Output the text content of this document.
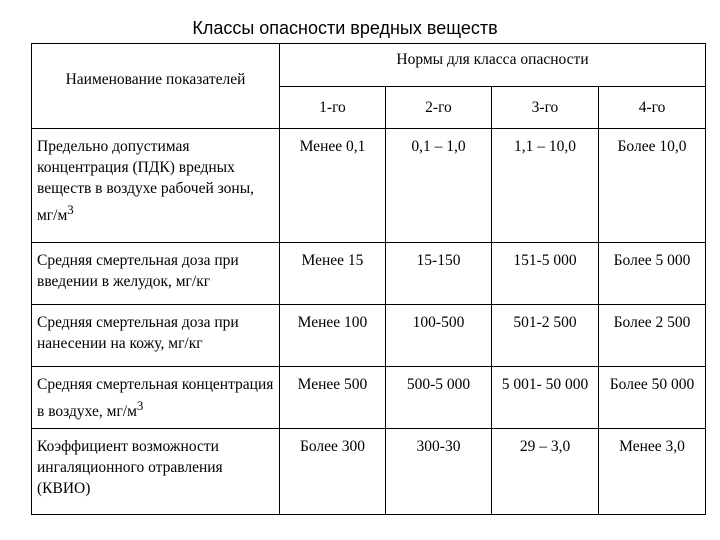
Классы опасности вредных веществ
Наименование показателей	Нормы для класса опасности			
	1-го	2-го	3-го	4-го
Предельно допустимая концентрация (ПДК) вредных веществ в воздухе рабочей зоны, $мг/м^3$	Менее 0,1	0,1 – 1,0	1,1 – 10,0	Более 10,0
Средняя смертельная доза при введении в желудок, мг/кг	Менее 15	15-150	151-5 000	Более 5 000
Средняя смертельная доза при нанесении на кожу, мг/кг	Менее 100	100-500	501-2 500	Более 2 500
Средняя смертельная концентрация в воздухе, $мг/м^3$	Менее 500	500-5 000	5 001- 50 000	Более 50 000
Коэффициент возможности ингаляционного отравления (КВИО)	Более 300	300-30	29 – 3,0	Менее 3,0
